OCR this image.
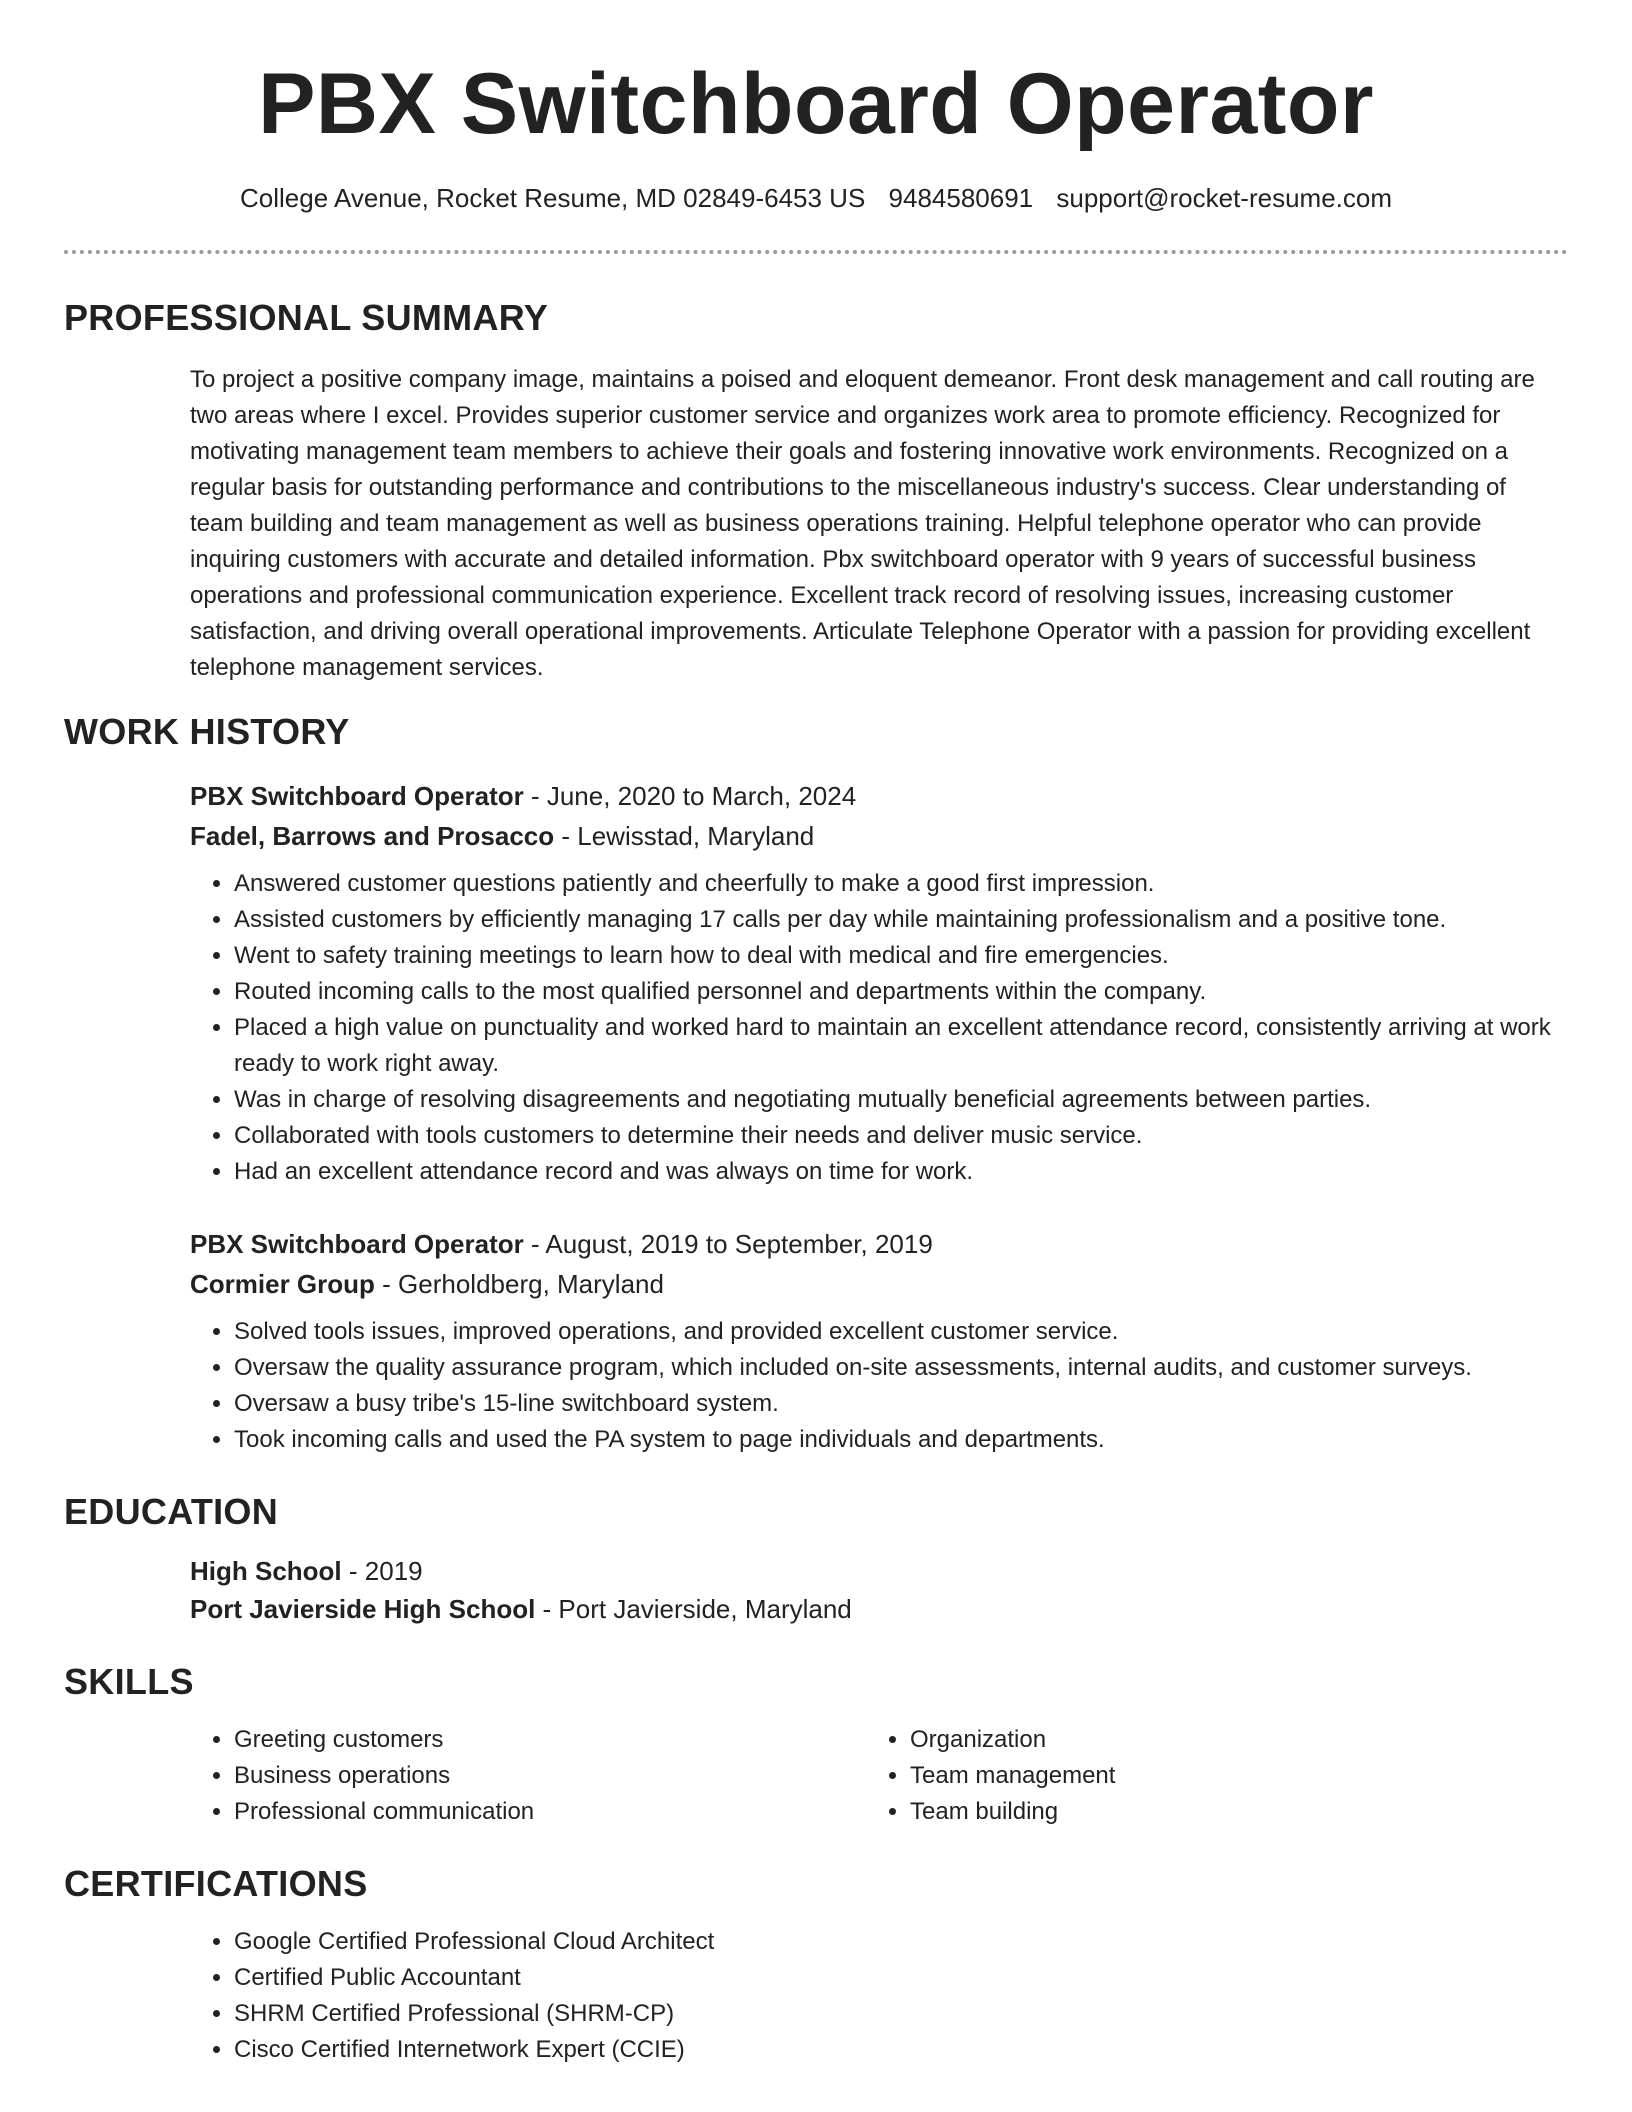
PBX Switchboard Operator
College Avenue, Rocket Resume, MD 02849-6453 US 9484580691 support@rocket-resume.com
PROFESSIONAL SUMMARY

To project a positive company image, maintains a poised and eloquent demeanor. Front desk management and call routing are two areas where I excel. Provides superior customer service and organizes work area to promote efficiency. Recognized for motivating management team members to achieve their goals and fostering innovative work environments. Recognized on a regular basis for outstanding performance and contributions to the miscellaneous industry's success. Clear understanding of team building and team management as well as business operations training. Helpful telephone operator who can provide inquiring customers with accurate and detailed information. Pbx switchboard operator with 9 years of successful business operations and professional communication experience. Excellent track record of resolving issues, increasing customer satisfaction, and driving overall operational improvements. Articulate Telephone Operator with a passion for providing excellent telephone management services.

WORK HISTORY
PBX Switchboard Operator - June, 2020 to March, 2024
Fadel, Barrows and Prosacco - Lewisstad, Maryland
• Answered customer questions patiently and cheerfully to make a good first impression.
• Assisted customers by efficiently managing 17 calls per day while maintaining professionalism and a positive tone.
• Went to safety training meetings to learn how to deal with medical and fire emergencies.
• Routed incoming calls to the most qualified personnel and departments within the company.
• Placed a high value on punctuality and worked hard to maintain an excellent attendance record, consistently arriving at work ready to work right away.
• Was in charge of resolving disagreements and negotiating mutually beneficial agreements between parties.
• Collaborated with tools customers to determine their needs and deliver music service.
• Had an excellent attendance record and was always on time for work.
PBX Switchboard Operator - August, 2019 to September, 2019
Cormier Group - Gerholdberg, Maryland
• Solved tools issues, improved operations, and provided excellent customer service.
• Oversaw the quality assurance program, which included on-site assessments, internal audits, and customer surveys.
• Oversaw a busy tribe's 15-line switchboard system.
• Took incoming calls and used the PA system to page individuals and departments.
EDUCATION
High School - 2019
Port Javierside High School - Port Javierside, Maryland
SKILLS
• Greeting customers
• Business operations
• Professional communication
• Organization
• Team management
• Team building
CERTIFICATIONS
• Google Certified Professional Cloud Architect
• Certified Public Accountant
• SHRM Certified Professional (SHRM-CP)
• Cisco Certified Internetwork Expert (CCIE)
